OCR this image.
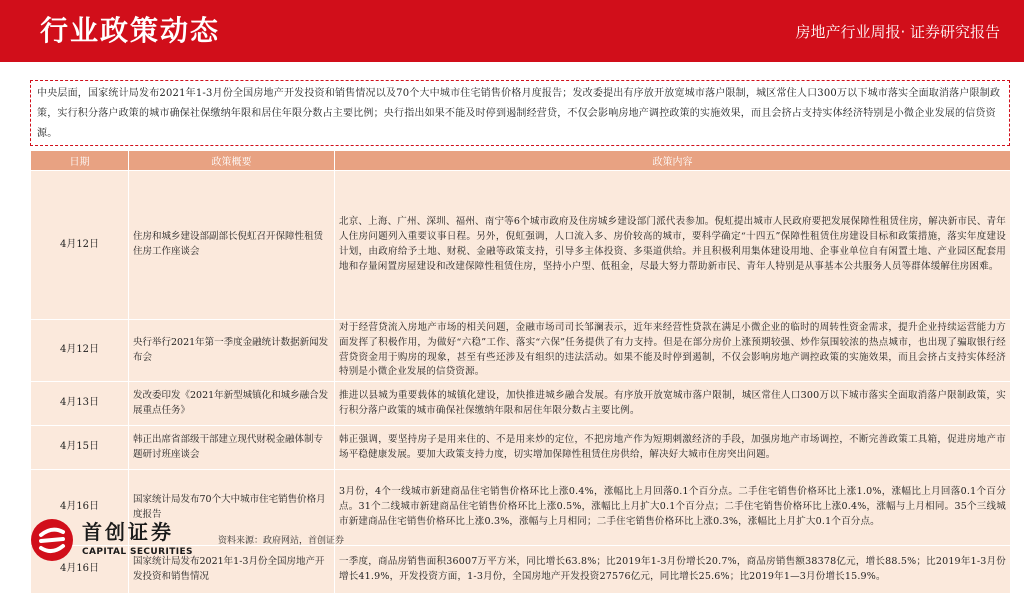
行业政策动态	房地产行业周报· 证券研究报告
中央层面，国家统计局发布2021年1-3月份全国房地产开发投资和销售情况以及70个大中城市住宅销售价格月度报告；发改委提出有序放开放宽城市落户限制，城区常住人口300万以下城市落实全面取消落户限制政策，实行积分落户政策的城市确保社保缴纳年限和居住年限分数占主要比例；央行指出如果不能及时停到遏制经营贷，不仅会影响房地产调控政策的实施效果，而且会挤占支持实体经济特别是小微企业发展的信贷资源。
日期	政策概要	政策内容
4月12日	住房和城乡建设部副部长倪虹召开保障性租赁住房工作座谈会	北京、上海、广州、深圳、福州、南宁等6个城市政府及住房城乡建设部门派代表参加。倪虹提出城市人民政府要把发展保障性租赁住房，解决新市民、青年人住房问题列入重要议事日程。另外，倪虹强调，人口流入多、房价较高的城市，要科学确定“十四五”保障性租赁住房建设目标和政策措施，落实年度建设计划，由政府给予土地、财税、金融等政策支持，引导多主体投资、多渠道供给。并且积极利用集体建设用地、企事业单位自有闲置土地、产业园区配套用地和存量闲置房屋建设和改建保障性租赁住房，坚持小户型、低租金，尽最大努力帮助新市民、青年人特别是从事基本公共服务人员等群体缓解住房困难。
4月12日	央行举行2021年第一季度金融统计数据新闻发布会	对于经营贷流入房地产市场的相关问题，金融市场司司长邹澜表示，近年来经营性贷款在满足小微企业的临时的周转性资金需求，提升企业持续运营能力方面发挥了积极作用，为做好“六稳”工作、落实“六保”任务提供了有力支持。但是在部分房价上涨预期较强、炒作氛围较浓的热点城市，也出现了骗取银行经营贷资金用于购房的现象，甚至有些还涉及有组织的违法活动。如果不能及时停到遏制，不仅会影响房地产调控政策的实施效果，而且会挤占支持实体经济特别是小微企业发展的信贷资源。
4月13日	发改委印发《2021年新型城镇化和城乡融合发展重点任务》	推进以县城为重要载体的城镇化建设，加快推进城乡融合发展。有序放开放宽城市落户限制，城区常住人口300万以下城市落实全面取消落户限制政策，实行积分落户政策的城市确保社保缴纳年限和居住年限分数占主要比例。
4月15日	韩正出席省部级干部建立现代财税金融体制专题研讨班座谈会	韩正强调，要坚持房子是用来住的、不是用来炒的定位，不把房地产作为短期刺激经济的手段，加强房地产市场调控，不断完善政策工具箱，促进房地产市场平稳健康发展。要加大政策支持力度，切实增加保障性租赁住房供给，解决好大城市住房突出问题。
4月16日	国家统计局发布70个大中城市住宅销售价格月度报告	3月份，4个一线城市新建商品住宅销售价格环比上涨0.4%，涨幅比上月回落0.1个百分点。二手住宅销售价格环比上涨1.0%，涨幅比上月回落0.1个百分点。31个二线城市新建商品住宅销售价格环比上涨0.5%，涨幅比上月扩大0.1个百分点；二手住宅销售价格环比上涨0.4%，涨幅与上月相同。35个三线城市新建商品住宅销售价格环比上涨0.3%，涨幅与上月相同；二手住宅销售价格环比上涨0.3%，涨幅比上月扩大0.1个百分点。
4月16日	国家统计局发布2021年1-3月份全国房地产开发投资和销售情况	一季度，商品房销售面积36007万平方米，同比增长63.8%；比2019年1-3月份增长20.7%，商品房销售额38378亿元，增长88.5%；比2019年1-3月份增长41.9%，开发投资方面，1-3月份，全国房地产开发投资27576亿元，同比增长25.6%；比2019年1—3月份增长15.9%。
首创证券
CAPITAL SECURITIES
资料来源：政府网站，首创证券
